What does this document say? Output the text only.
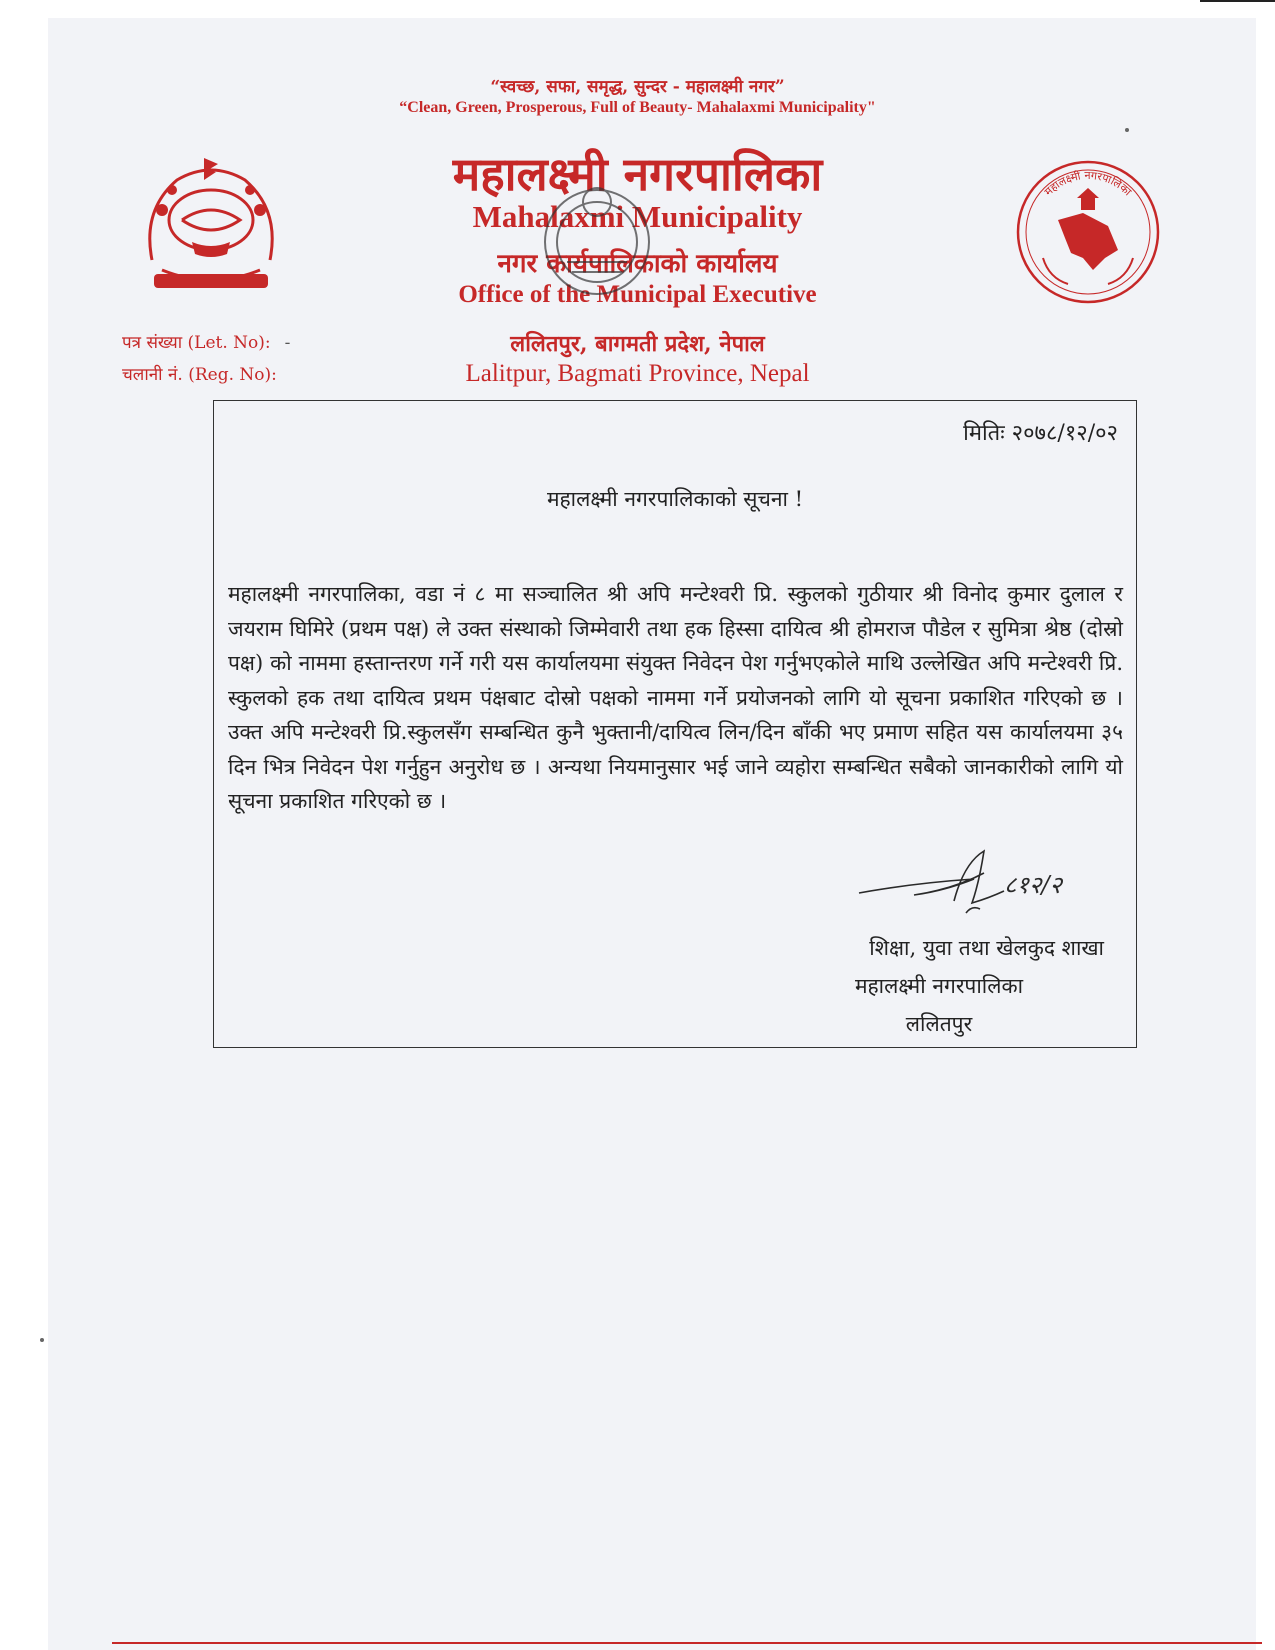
“स्वच्छ, सफा, समृद्ध, सुन्दर - महालक्ष्मी नगर”
“Clean, Green, Prosperous, Full of Beauty- Mahalaxmi Municipality"
महालक्ष्मी नगरपालिका
Mahalaxmi Municipality
नगर कार्यपालिकाको कार्यालय
Office of the Municipal Executive
ललितपुर, बागमती प्रदेश, नेपाल
Lalitpur, Bagmati Province, Nepal
महालक्ष्मी नगरपालिका
पत्र संख्या (Let. No): -
चलानी नं. (Reg. No):
मितिः २०७८/१२/०२
महालक्ष्मी नगरपालिकाको सूचना !
महालक्ष्मी नगरपालिका, वडा नं ८ मा सञ्चालित श्री अपि मन्टेश्वरी प्रि. स्कुलको गुठीयार श्री विनोद कुमार दुलाल र जयराम घिमिरे (प्रथम पक्ष) ले उक्त संस्थाको जिम्मेवारी तथा हक हिस्सा दायित्व श्री होमराज पौडेल र सुमित्रा श्रेष्ठ (दोस्रो पक्ष) को नाममा हस्तान्तरण गर्ने गरी यस कार्यालयमा संयुक्त निवेदन पेश गर्नुभएकोले माथि उल्लेखित अपि मन्टेश्वरी प्रि. स्कुलको हक तथा दायित्व प्रथम पंक्षबाट दोस्रो पक्षको नाममा गर्ने प्रयोजनको लागि यो सूचना प्रकाशित गरिएको छ । उक्त अपि मन्टेश्वरी प्रि.स्कुलसँग सम्बन्धित कुनै भुक्तानी/दायित्व लिन/दिन बाँकी भए प्रमाण सहित यस कार्यालयमा ३५ दिन भित्र निवेदन पेश गर्नुहुन अनुरोध छ । अन्यथा नियमानुसार भई जाने व्यहोरा सम्बन्धित सबैको जानकारीको लागि यो सूचना प्रकाशित गरिएको छ ।
८१२/२
शिक्षा, युवा तथा खेलकुद शाखा
महालक्ष्मी नगरपालिका
ललितपुर
